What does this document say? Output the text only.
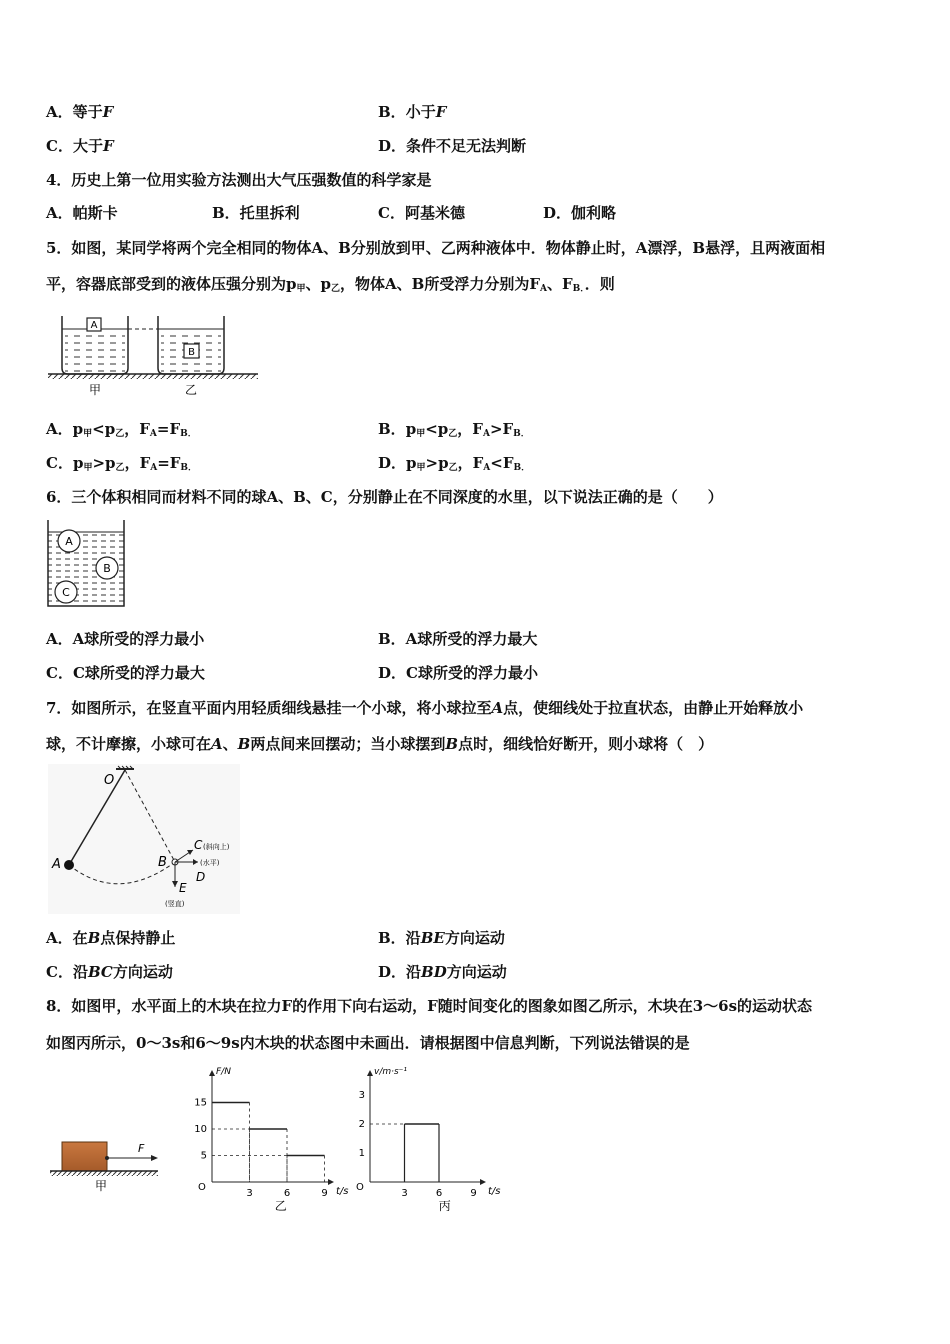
A．等于F	B．小于F
C．大于F	D．条件不足无法判断
4．历史上第一位用实验方法测出大气压强数值的科学家是
A．帕斯卡	B．托里拆利	C．阿基米德	D．伽利略
5．如图，某同学将两个完全相同的物体A、B分别放到甲、乙两种液体中．物体静止时，A漂浮，B悬浮，且两液面相
平，容器底部受到的液体压强分别为$p_甲$、$p_乙$，物体A、B所受浮力分别为$F_A$、$F_{B.}$．则
A
B
甲	乙
A．$p_甲<p_乙$，$F_A=F_{B.}$	B．$p_甲<p_乙$，$F_A>F_{B.}$
C．$p_甲>p_乙$，$F_A=F_{B.}$	D．$p_甲>p_乙$，$F_A<F_{B.}$
6．三个体积相同而材料不同的球A、B、C，分别静止在不同深度的水里，以下说法正确的是（　　）
A
B
C
A．A球所受的浮力最小	B．A球所受的浮力最大
C．C球所受的浮力最大	D．C球所受的浮力最小
7．如图所示，在竖直平面内用轻质细线悬挂一个小球，将小球拉至A点，使细线处于拉直状态，由静止开始释放小
球，不计摩擦，小球可在A、B两点间来回摆动；当小球摆到B点时，细线恰好断开，则小球将（　）
O
A	B
C (斜向上)
(水平)
D
E
(竖直)
A．在B点保持静止	B．沿BE方向运动
C．沿BC方向运动	D．沿BD方向运动
8．如图甲，水平面上的木块在拉力F的作用下向右运动，F随时间变化的图象如图乙所示，木块在3～6s的运动状态
如图丙所示，0～3s和6～9s内木块的状态图中未画出．请根据图中信息判断，下列说法错误的是
F
甲
F/N
t/s
O
3	6	9
5
10
15
乙
v/m·s⁻¹
t/s
O
3	6	9
1
2
3
丙
